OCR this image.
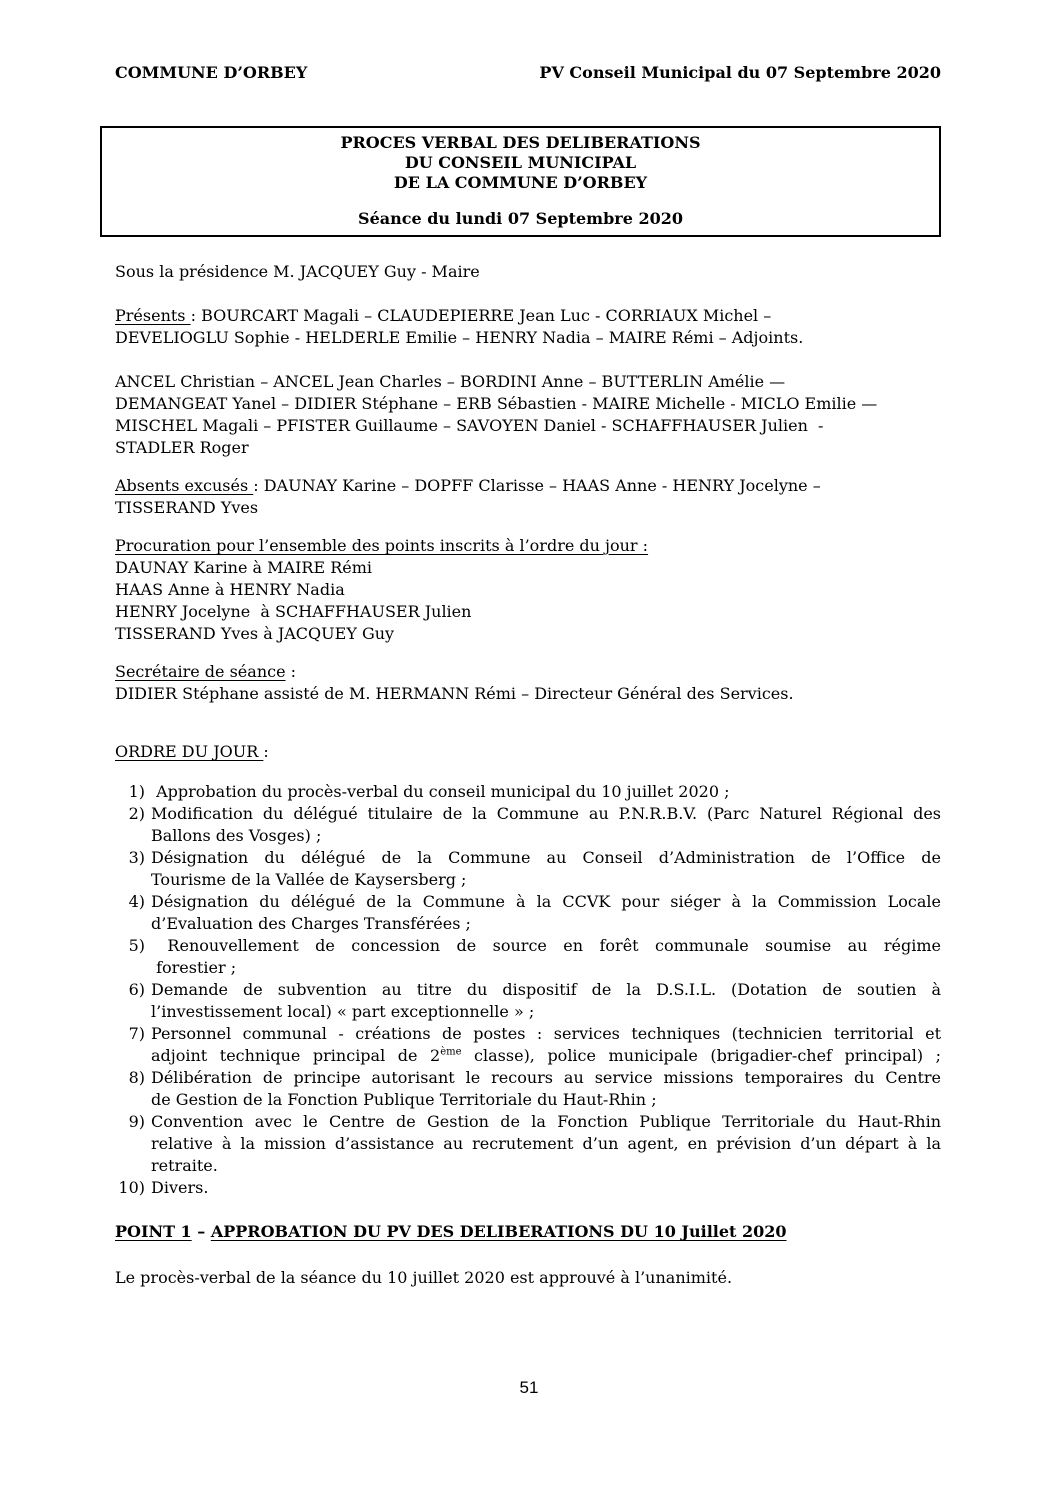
COMMUNE D’ORBEY	PV Conseil Municipal du 07 Septembre 2020
PROCES VERBAL DES DELIBERATIONS
DU CONSEIL MUNICIPAL
DE LA COMMUNE D’ORBEY
Séance du lundi 07 Septembre 2020
Sous la présidence M. JACQUEY Guy - Maire
Présents : BOURCART Magali – CLAUDEPIERRE Jean Luc - CORRIAUX Michel –
DEVELIOGLU Sophie - HELDERLE Emilie – HENRY Nadia – MAIRE Rémi – Adjoints.
ANCEL Christian – ANCEL Jean Charles – BORDINI Anne – BUTTERLIN Amélie —
DEMANGEAT Yanel – DIDIER Stéphane – ERB Sébastien - MAIRE Michelle - MICLO Emilie —
MISCHEL Magali – PFISTER Guillaume – SAVOYEN Daniel - SCHAFFHAUSER Julien  -
STADLER Roger
Absents excusés : DAUNAY Karine – DOPFF Clarisse – HAAS Anne - HENRY Jocelyne –
TISSERAND Yves
Procuration pour l’ensemble des points inscrits à l’ordre du jour :
DAUNAY Karine à MAIRE Rémi
HAAS Anne à HENRY Nadia
HENRY Jocelyne  à SCHAFFHAUSER Julien
TISSERAND Yves à JACQUEY Guy
Secrétaire de séance :
DIDIER Stéphane assisté de M. HERMANN Rémi – Directeur Général des Services.
ORDRE DU JOUR :
1) Approbation du procès-verbal du conseil municipal du 10 juillet 2020 ;
2) Modification du délégué titulaire de la Commune au P.N.R.B.V. (Parc Naturel Régional des
Ballons des Vosges) ;
3) Désignation du délégué de la Commune au Conseil d’Administration de l’Office de
Tourisme de la Vallée de Kaysersberg ;
4) Désignation du délégué de la Commune à la CCVK pour siéger à la Commission Locale
d’Evaluation des Charges Transférées ;
5) Renouvellement de concession de source en forêt communale soumise au régime
forestier ;
6) Demande de subvention au titre du dispositif de la D.S.I.L. (Dotation de soutien à
l’investissement local) « part exceptionnelle » ;
7) Personnel communal - créations de postes : services techniques (technicien territorial et
adjoint technique principal de 2ème classe), police municipale (brigadier-chef principal) ;
8) Délibération de principe autorisant le recours au service missions temporaires du Centre
de Gestion de la Fonction Publique Territoriale du Haut-Rhin ;
9) Convention avec le Centre de Gestion de la Fonction Publique Territoriale du Haut-Rhin
relative à la mission d’assistance au recrutement d’un agent, en prévision d’un départ à la
retraite.
10) Divers.
POINT 1 – APPROBATION DU PV DES DELIBERATIONS DU 10 Juillet 2020
Le procès-verbal de la séance du 10 juillet 2020 est approuvé à l’unanimité.
51
